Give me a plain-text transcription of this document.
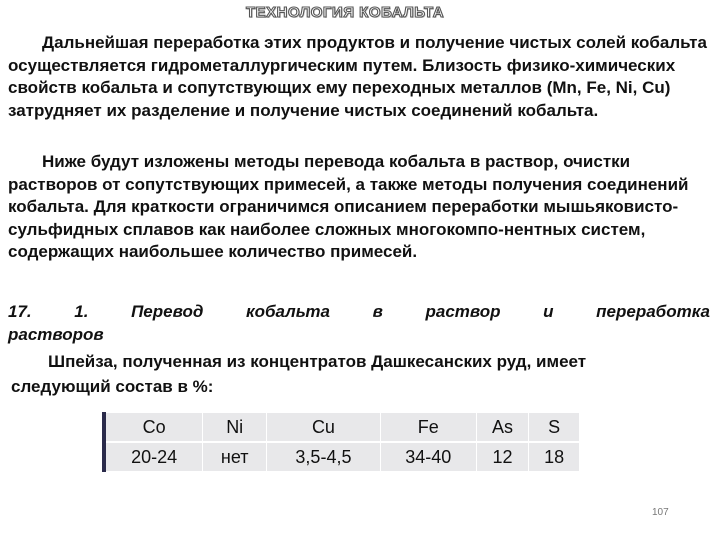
ТЕХНОЛОГИЯ КОБАЛЬТА
Дальнейшая переработка этих продуктов и получение чистых солей кобальта осуществляется гидрометаллургическим путем. Близость физико-химических свойств кобальта и сопутствующих ему переходных металлов (Mn, Fe, Ni, Cu) затрудняет их разделение и получение чистых соединений кобальта.
Ниже будут изложены методы перевода кобальта в раствор, очистки растворов от сопутствующих примесей, а также методы получения соединений кобальта. Для краткости ограничимся описанием переработки мышьяковисто-сульфидных сплавов как наиболее сложных многокомпо-нентных систем, содержащих наибольшее количество примесей.
17. 1. Перевод кобальта в раствор и переработка
растворов
Шпейза, полученная из концентратов Дашкесанских руд, имеет
следующий состав в %:
Co	Ni	Cu	Fe	As	S
20-24	нет	3,5-4,5	34-40	12	18
107
